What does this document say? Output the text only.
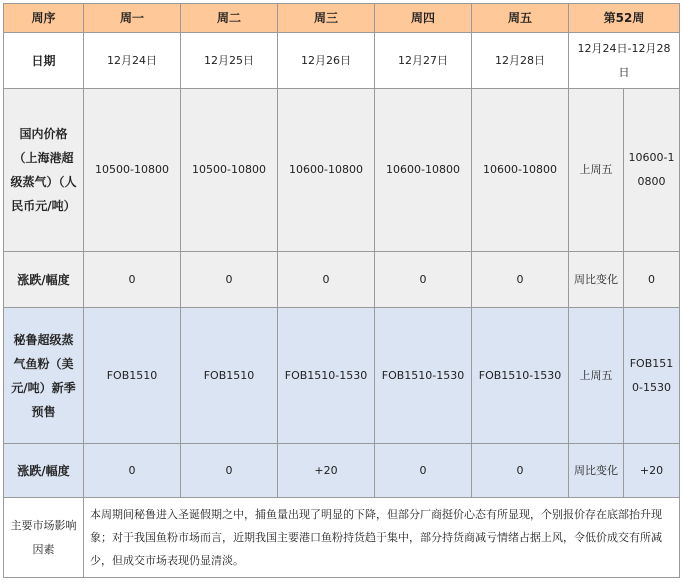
周序	周一	周二	周三	周四	周五	第52周	
日期	12月24日	12月25日	12月26日	12月27日	12月28日	12月24日-12月28日	
国内价格（上海港超级蒸气）（人民币元/吨）	10500-10800	10500-10800	10600-10800	10600-10800	10600-10800	上周五	10600-10800
涨跌/幅度	0	0	0	0	0	周比变化	0
秘鲁超级蒸气鱼粉（美元/吨）新季预售	FOB1510	FOB1510	FOB1510-1530	FOB1510-1530	FOB1510-1530	上周五	FOB1510-1530
涨跌/幅度	0	0	+20	0	0	周比变化	+20
主要市场影响因素	本周期间秘鲁进入圣诞假期之中，捕鱼量出现了明显的下降，但部分厂商挺价心态有所显现，个别报价存在底部抬升现象；对于我国鱼粉市场而言，近期我国主要港口鱼粉持货趋于集中，部分持货商减亏情绪占据上风，令低价成交有所减少，但成交市场表现仍显清淡。						
